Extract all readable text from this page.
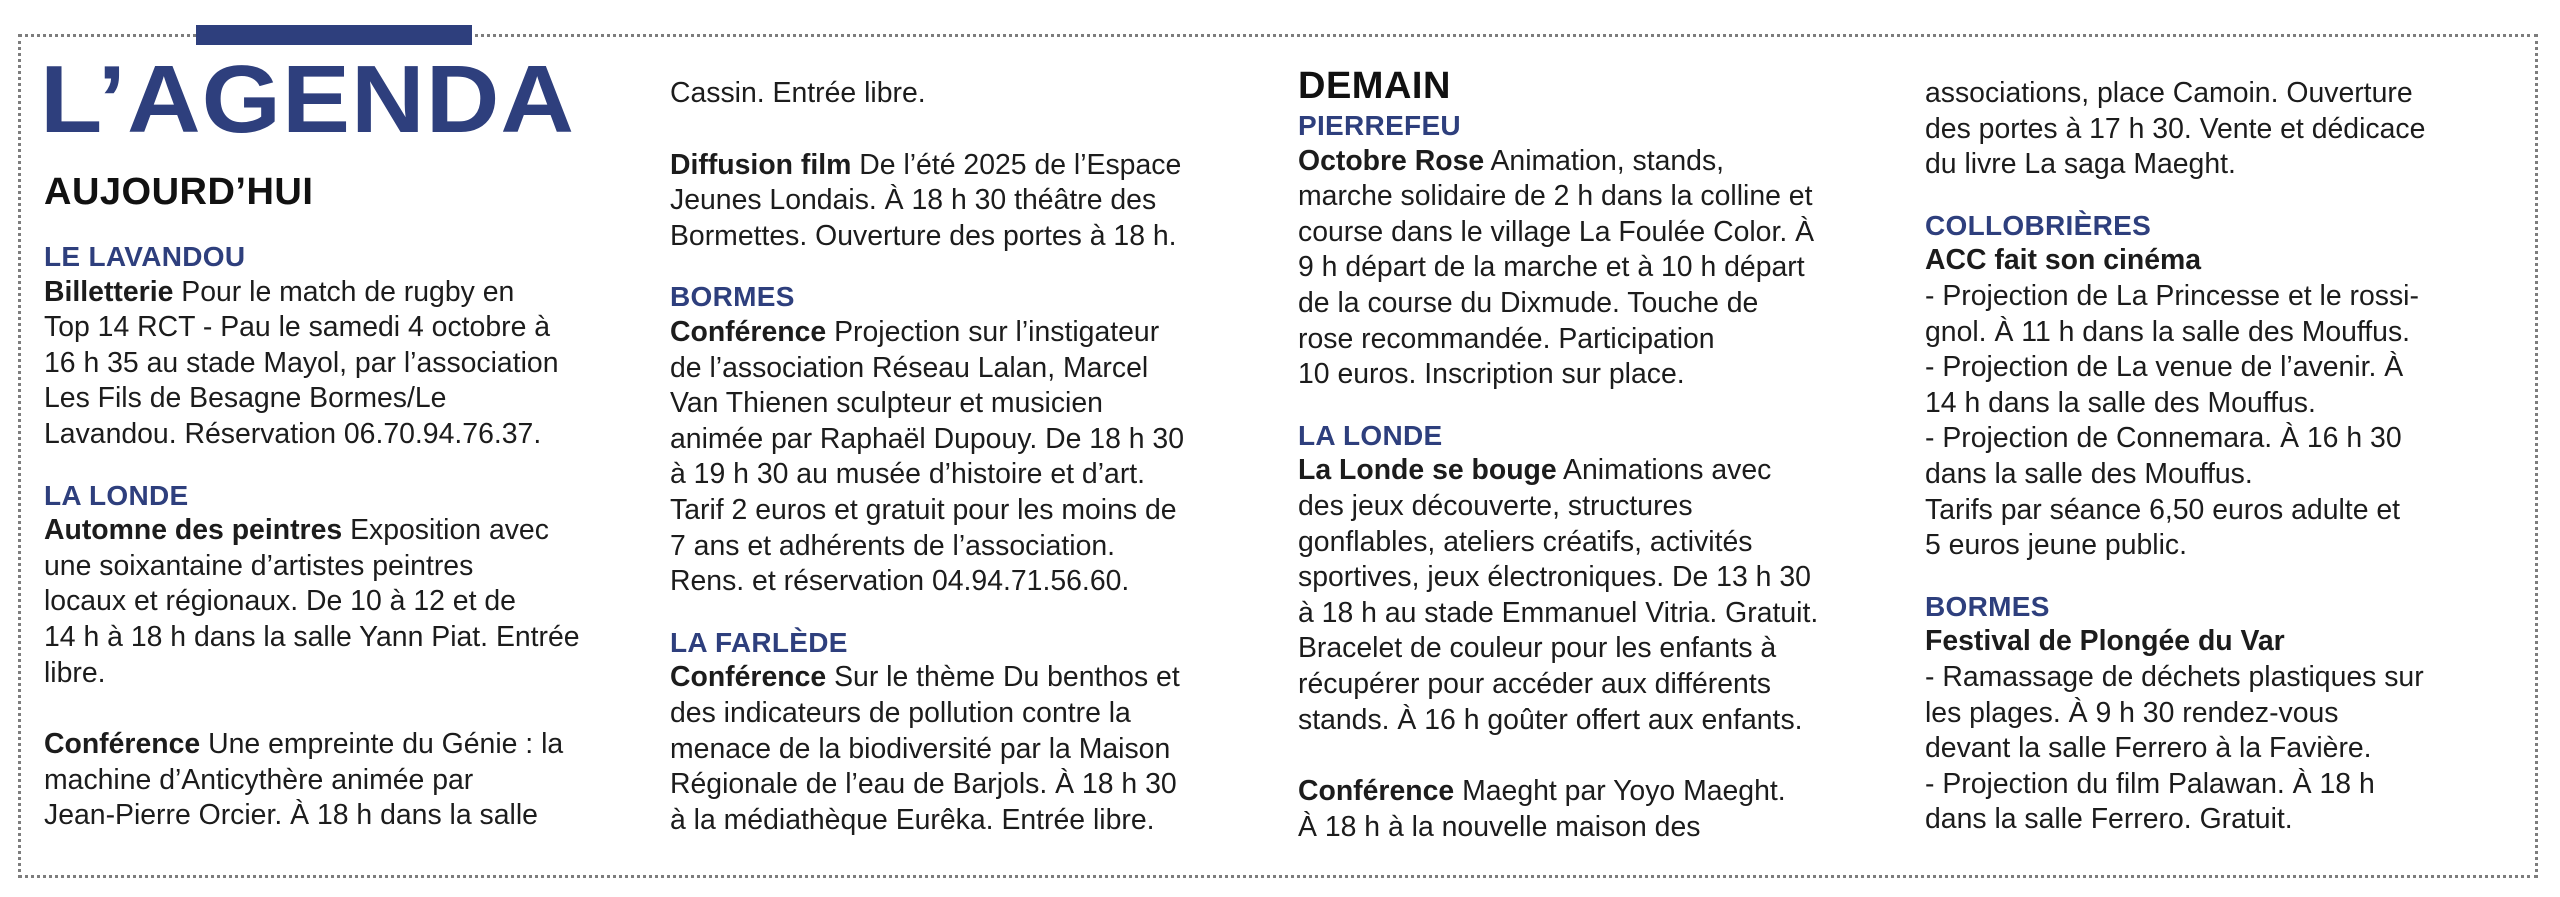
L’AGENDA

AUJOURD’HUI

LE LAVANDOU

Billetterie Pour le match de rugby en

Top 14 RCT - Pau le samedi 4 octobre à

16 h 35 au stade Mayol, par l’association

Les Fils de Besagne Bormes/Le

Lavandou. Réservation 06.70.94.76.37.

LA LONDE

Automne des peintres Exposition avec

une soixantaine d’artistes peintres

locaux et régionaux. De 10 à 12 et de

14 h à 18 h dans la salle Yann Piat. Entrée

libre.

Conférence Une empreinte du Génie : la

machine d’Anticythère animée par

Jean-Pierre Orcier. À 18 h dans la salle

Cassin. Entrée libre.

Diffusion film De l’été 2025 de l’Espace

Jeunes Londais. À 18 h 30 théâtre des

Bormettes. Ouverture des portes à 18 h.

BORMES

Conférence Projection sur l’instigateur

de l’association Réseau Lalan, Marcel

Van Thienen sculpteur et musicien

animée par Raphaël Dupouy. De 18 h 30

à 19 h 30 au musée d’histoire et d’art.

Tarif 2 euros et gratuit pour les moins de

7 ans et adhérents de l’association.

Rens. et réservation 04.94.71.56.60.

LA FARLÈDE

Conférence Sur le thème Du benthos et

des indicateurs de pollution contre la

menace de la biodiversité par la Maison

Régionale de l’eau de Barjols. À 18 h 30

à la médiathèque Eurêka. Entrée libre.

DEMAIN

PIERREFEU

Octobre Rose Animation, stands,

marche solidaire de 2 h dans la colline et

course dans le village La Foulée Color. À

9 h départ de la marche et à 10 h départ

de la course du Dixmude. Touche de

rose recommandée. Participation

10 euros. Inscription sur place.

LA LONDE

La Londe se bouge Animations avec

des jeux découverte, structures

gonflables, ateliers créatifs, activités

sportives, jeux électroniques. De 13 h 30

à 18 h au stade Emmanuel Vitria. Gratuit.

Bracelet de couleur pour les enfants à

récupérer pour accéder aux différents

stands. À 16 h goûter offert aux enfants.

Conférence Maeght par Yoyo Maeght.

À 18 h à la nouvelle maison des

associations, place Camoin. Ouverture

des portes à 17 h 30. Vente et dédicace

du livre La saga Maeght.

COLLOBRIÈRES

ACC fait son cinéma

- Projection de La Princesse et le rossi-

gnol. À 11 h dans la salle des Mouffus.

- Projection de La venue de l’avenir. À

14 h dans la salle des Mouffus.

- Projection de Connemara. À 16 h 30

dans la salle des Mouffus.

Tarifs par séance 6,50 euros adulte et

5 euros jeune public.

BORMES

Festival de Plongée du Var

- Ramassage de déchets plastiques sur

les plages. À 9 h 30 rendez-vous

devant la salle Ferrero à la Favière.

- Projection du film Palawan. À 18 h

dans la salle Ferrero. Gratuit.
